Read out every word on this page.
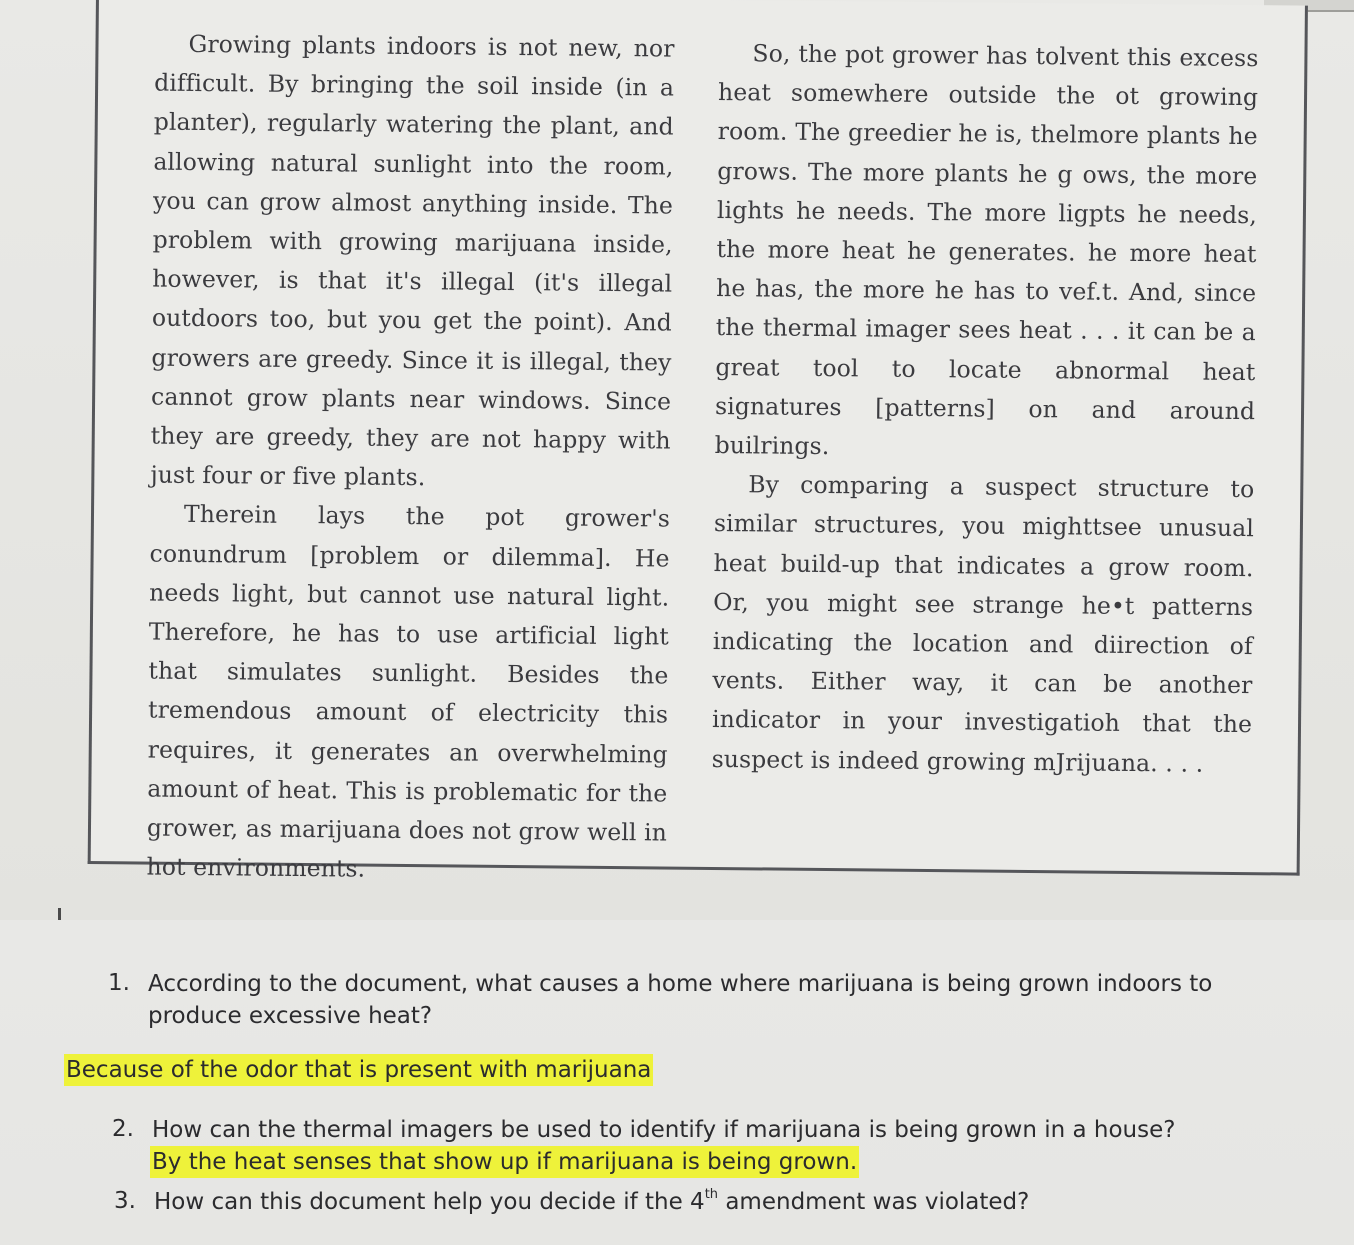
Growing plants indoors is not new, nor difficult. By bringing the soil inside (in a planter), regularly watering the plant, and allowing natural sunlight into the room, you can grow almost anything inside. The problem with growing marijuana inside, however, is that it's illegal (it's illegal outdoors too, but you get the point). And growers are greedy. Since it is illegal, they cannot grow plants near windows. Since they are greedy, they are not happy with just four or five plants.

Therein lays the pot grower's conundrum [problem or dilemma]. He needs light, but cannot use natural light. Therefore, he has to use artificial light that simulates sunlight. Besides the tremendous amount of electricity this requires, it generates an overwhelming amount of heat. This is problematic for the grower, as marijuana does not grow well in hot environments.

So, the pot grower has tolvent this excess heat somewhere outside the ot growing room. The greedier he is, thelmore plants he grows. The more plants he g ows, the more lights he needs. The more ligpts he needs, the more heat he generates. he more heat he has, the more he has to vef.t. And, since the thermal imager sees heat . . . it can be a great tool to locate abnormal heat signatures [patterns] on and around builrings.

By comparing a suspect structure to similar structures, you mighttsee unusual heat build-up that indicates a grow room. Or, you might see strange he•t patterns indicating the location and diirection of vents. Either way, it can be another indicator in your investigatioh that the suspect is indeed growing mJrijuana. . . .

1. According to the document, what causes a home where marijuana is being grown indoors to
produce excessive heat?
Because of the odor that is present with marijuana
2. How can the thermal imagers be used to identify if marijuana is being grown in a house?
By the heat senses that show up if marijuana is being grown.
3. How can this document help you decide if the 4th amendment was violated?
